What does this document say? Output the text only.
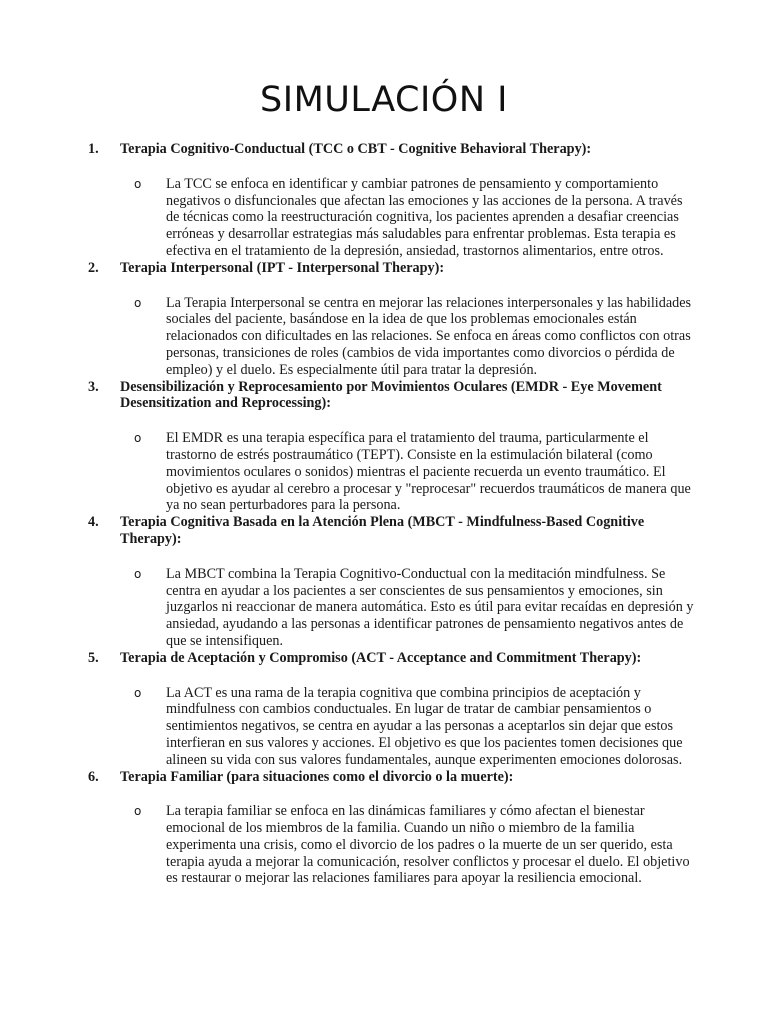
SIMULACIÓN I
1. Terapia Cognitivo-Conductual (TCC o CBT - Cognitive Behavioral Therapy):
o La TCC se enfoca en identificar y cambiar patrones de pensamiento y comportamiento negativos o disfuncionales que afectan las emociones y las acciones de la persona. A través de técnicas como la reestructuración cognitiva, los pacientes aprenden a desafiar creencias erróneas y desarrollar estrategias más saludables para enfrentar problemas. Esta terapia es efectiva en el tratamiento de la depresión, ansiedad, trastornos alimentarios, entre otros.
2. Terapia Interpersonal (IPT - Interpersonal Therapy):
o La Terapia Interpersonal se centra en mejorar las relaciones interpersonales y las habilidades sociales del paciente, basándose en la idea de que los problemas emocionales están relacionados con dificultades en las relaciones. Se enfoca en áreas como conflictos con otras personas, transiciones de roles (cambios de vida importantes como divorcios o pérdida de empleo) y el duelo. Es especialmente útil para tratar la depresión.
3. Desensibilización y Reprocesamiento por Movimientos Oculares (EMDR - Eye Movement Desensitization and Reprocessing):
o El EMDR es una terapia específica para el tratamiento del trauma, particularmente el trastorno de estrés postraumático (TEPT). Consiste en la estimulación bilateral (como movimientos oculares o sonidos) mientras el paciente recuerda un evento traumático. El objetivo es ayudar al cerebro a procesar y "reprocesar" recuerdos traumáticos de manera que ya no sean perturbadores para la persona.
4. Terapia Cognitiva Basada en la Atención Plena (MBCT - Mindfulness-Based Cognitive Therapy):
o La MBCT combina la Terapia Cognitivo-Conductual con la meditación mindfulness. Se centra en ayudar a los pacientes a ser conscientes de sus pensamientos y emociones, sin juzgarlos ni reaccionar de manera automática. Esto es útil para evitar recaídas en depresión y ansiedad, ayudando a las personas a identificar patrones de pensamiento negativos antes de que se intensifiquen.
5. Terapia de Aceptación y Compromiso (ACT - Acceptance and Commitment Therapy):
o La ACT es una rama de la terapia cognitiva que combina principios de aceptación y mindfulness con cambios conductuales. En lugar de tratar de cambiar pensamientos o sentimientos negativos, se centra en ayudar a las personas a aceptarlos sin dejar que estos interfieran en sus valores y acciones. El objetivo es que los pacientes tomen decisiones que alineen su vida con sus valores fundamentales, aunque experimenten emociones dolorosas.
6. Terapia Familiar (para situaciones como el divorcio o la muerte):
o La terapia familiar se enfoca en las dinámicas familiares y cómo afectan el bienestar emocional de los miembros de la familia. Cuando un niño o miembro de la familia experimenta una crisis, como el divorcio de los padres o la muerte de un ser querido, esta terapia ayuda a mejorar la comunicación, resolver conflictos y procesar el duelo. El objetivo es restaurar o mejorar las relaciones familiares para apoyar la resiliencia emocional.
